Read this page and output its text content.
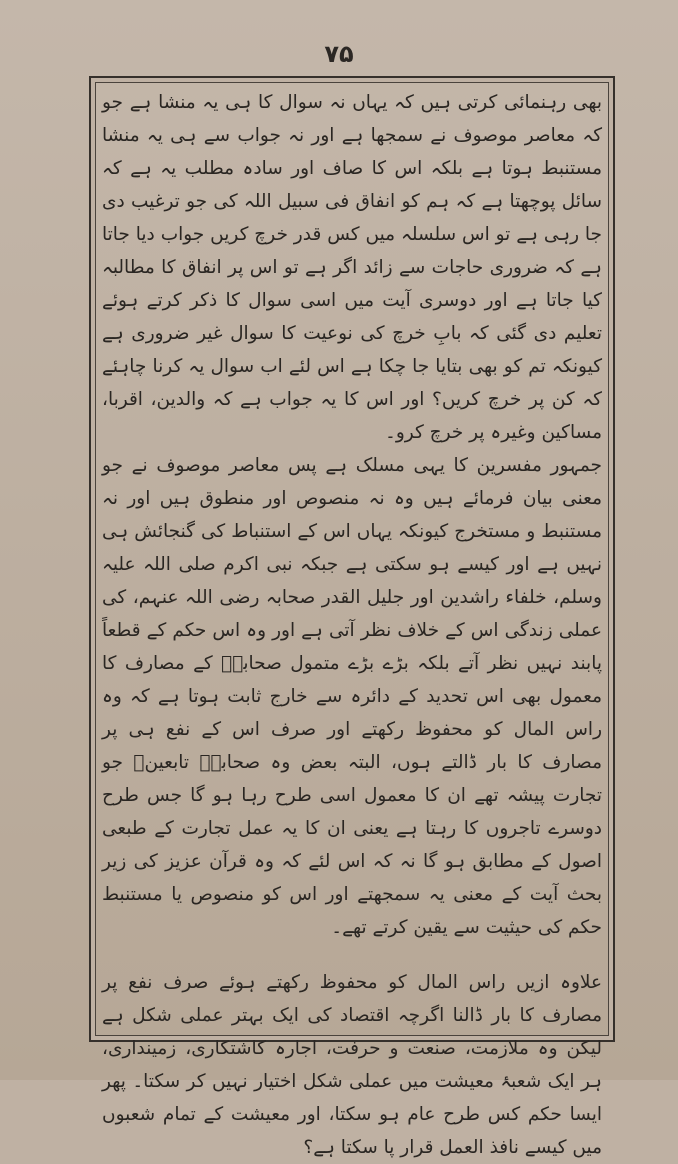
۷۵

بھی رہنمائی کرتی ہیں کہ یہاں نہ سوال کا ہی یہ منشا ہے جو کہ معاصر موصوف نے سمجھا ہے اور نہ جواب سے ہی یہ منشا مستنبط ہوتا ہے بلکہ اس کا صاف اور سادہ مطلب یہ ہے کہ سائل پوچھتا ہے کہ ہم کو انفاق فی سبیل اللہ کی جو ترغیب دی جا رہی ہے تو اس سلسلہ میں کس قدر خرچ کریں جواب دیا جاتا ہے کہ ضروری حاجات سے زائد اگر ہے تو اس پر انفاق کا مطالبہ کیا جاتا ہے اور دوسری آیت میں اسی سوال کا ذکر کرتے ہوئے تعلیم دی گئی کہ بابِ خرچ کی نوعیت کا سوال غیر ضروری ہے کیونکہ تم کو بھی بتایا جا چکا ہے اس لئے اب سوال یہ کرنا چاہئے کہ کن پر خرچ کریں؟ اور اس کا یہ جواب ہے کہ والدین، اقربا، مساکین وغیرہ پر خرچ کرو۔

جمہور مفسرین کا یہی مسلک ہے پس معاصر موصوف نے جو معنی بیان فرمائے ہیں وہ نہ منصوص اور منطوق ہیں اور نہ مستنبط و مستخرج کیونکہ یہاں اس کے استنباط کی گنجائش ہی نہیں ہے اور کیسے ہو سکتی ہے جبکہ نبی اکرم صلی اللہ علیہ وسلم، خلفاء راشدین اور جلیل القدر صحابہ رضی اللہ عنہم، کی عملی زندگی اس کے خلاف نظر آتی ہے اور وہ اس حکم کے قطعاً پابند نہیں نظر آتے بلکہ بڑے بڑے متمول صحابہؓ کے مصارف کا معمول بھی اس تحدید کے دائرہ سے خارج ثابت ہوتا ہے کہ وہ راس المال کو محفوظ رکھتے اور صرف اس کے نفع ہی پر مصارف کا بار ڈالتے ہوں، البتہ بعض وہ صحابہؓ تابعینؒ جو تجارت پیشہ تھے ان کا معمول اسی طرح رہا ہو گا جس طرح دوسرے تاجروں کا رہتا ہے یعنی ان کا یہ عمل تجارت کے طبعی اصول کے مطابق ہو گا نہ کہ اس لئے کہ وہ قرآن عزیز کی زیر بحث آیت کے معنی یہ سمجھتے اور اس کو منصوص یا مستنبط حکم کی حیثیت سے یقین کرتے تھے۔

علاوہ ازیں راس المال کو محفوظ رکھتے ہوئے صرف نفع پر مصارف کا بار ڈالنا اگرچہ اقتصاد کی ایک بہتر عملی شکل ہے لیکن وہ ملازمت، صنعت و حرفت، اجارہ کاشتکاری، زمینداری، ہر ایک شعبۂ معیشت میں عملی شکل اختیار نہیں کر سکتا۔ پھر ایسا حکم کس طرح عام ہو سکتا، اور معیشت کے تمام شعبوں میں کیسے نافذ العمل قرار پا سکتا ہے؟
